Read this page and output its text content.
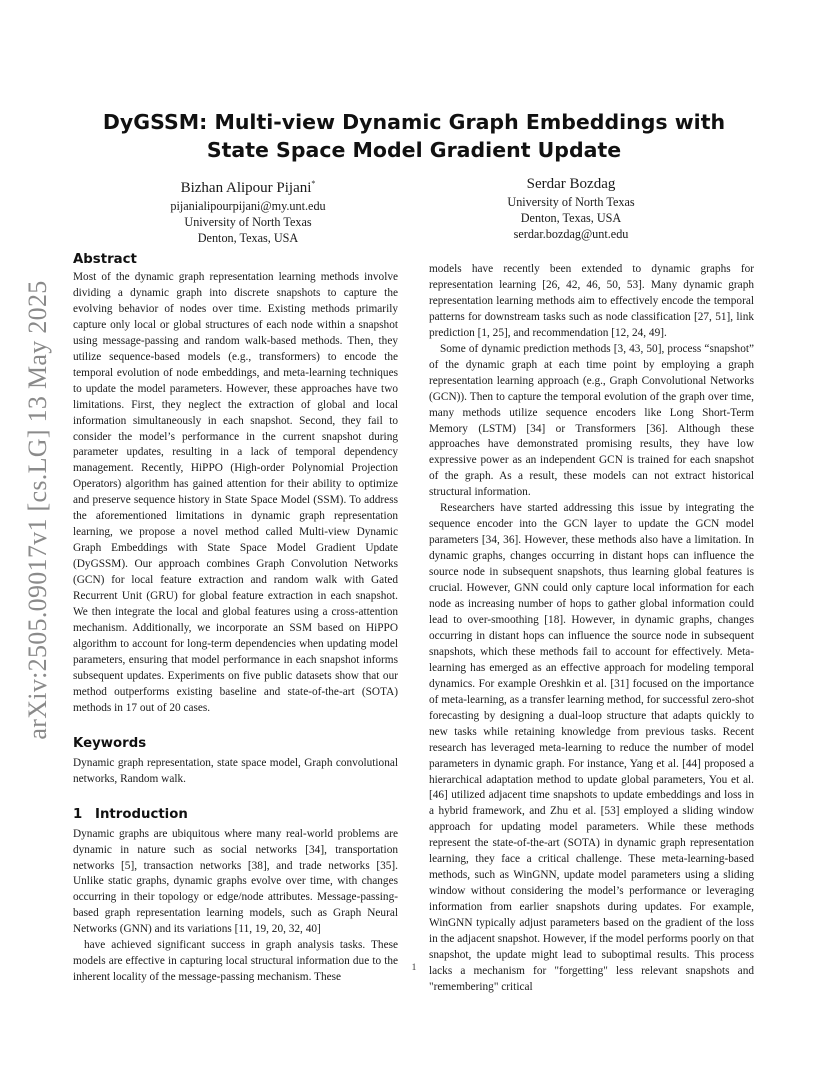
arXiv:2505.09017v1 [cs.LG] 13 May 2025
DyGSSM: Multi-view Dynamic Graph Embeddings with State Space Model Gradient Update
Bizhan Alipour Pijani*
pijanialipourpijani@my.unt.edu
University of North Texas
Denton, Texas, USA
Serdar Bozdag
University of North Texas
Denton, Texas, USA
serdar.bozdag@unt.edu
Abstract

Most of the dynamic graph representation learning methods involve dividing a dynamic graph into discrete snapshots to capture the evolving behavior of nodes over time. Existing methods primarily capture only local or global structures of each node within a snapshot using message-passing and random walk-based methods. Then, they utilize sequence-based models (e.g., transformers) to encode the temporal evolution of node embeddings, and meta-learning techniques to update the model parameters. However, these approaches have two limitations. First, they neglect the extraction of global and local information simultaneously in each snapshot. Second, they fail to consider the model’s performance in the current snapshot during parameter updates, resulting in a lack of temporal dependency management. Recently, HiPPO (High-order Polynomial Projection Operators) algorithm has gained attention for their ability to optimize and preserve sequence history in State Space Model (SSM). To address the aforementioned limitations in dynamic graph representation learning, we propose a novel method called Multi-view Dynamic Graph Embeddings with State Space Model Gradient Update (DyGSSM). Our approach combines Graph Convolution Networks (GCN) for local feature extraction and random walk with Gated Recurrent Unit (GRU) for global feature extraction in each snapshot. We then integrate the local and global features using a cross-attention mechanism. Additionally, we incorporate an SSM based on HiPPO algorithm to account for long-term dependencies when updating model parameters, ensuring that model performance in each snapshot informs subsequent updates. Experiments on five public datasets show that our method outperforms existing baseline and state-of-the-art (SOTA) methods in 17 out of 20 cases.

Keywords

Dynamic graph representation, state space model, Graph convolutional networks, Random walk.

1 Introduction

Dynamic graphs are ubiquitous where many real-world problems are dynamic in nature such as social networks [34], transportation networks [5], transaction networks [38], and trade networks [35]. Unlike static graphs, dynamic graphs evolve over time, with changes occurring in their topology or edge/node attributes. Message-passing-based graph representation learning models, such as Graph Neural Networks (GNN) and its variations [11, 19, 20, 32, 40]

have achieved significant success in graph analysis tasks. These models are effective in capturing local structural information due to the inherent locality of the message-passing mechanism. These

models have recently been extended to dynamic graphs for representation learning [26, 42, 46, 50, 53]. Many dynamic graph representation learning methods aim to effectively encode the temporal patterns for downstream tasks such as node classification [27, 51], link prediction [1, 25], and recommendation [12, 24, 49].

Some of dynamic prediction methods [3, 43, 50], process “snapshot” of the dynamic graph at each time point by employing a graph representation learning approach (e.g., Graph Convolutional Networks (GCN)). Then to capture the temporal evolution of the graph over time, many methods utilize sequence encoders like Long Short-Term Memory (LSTM) [34] or Transformers [36]. Although these approaches have demonstrated promising results, they have low expressive power as an independent GCN is trained for each snapshot of the graph. As a result, these models can not extract historical structural information.

Researchers have started addressing this issue by integrating the sequence encoder into the GCN layer to update the GCN model parameters [34, 36]. However, these methods also have a limitation. In dynamic graphs, changes occurring in distant hops can influence the source node in subsequent snapshots, thus learning global features is crucial. However, GNN could only capture local information for each node as increasing number of hops to gather global information could lead to over-smoothing [18]. However, in dynamic graphs, changes occurring in distant hops can influence the source node in subsequent snapshots, which these methods fail to account for effectively. Meta-learning has emerged as an effective approach for modeling temporal dynamics. For example Oreshkin et al. [31] focused on the importance of meta-learning, as a transfer learning method, for successful zero-shot forecasting by designing a dual-loop structure that adapts quickly to new tasks while retaining knowledge from previous tasks. Recent research has leveraged meta-learning to reduce the number of model parameters in dynamic graph. For instance, Yang et al. [44] proposed a hierarchical adaptation method to update global parameters, You et al. [46] utilized adjacent time snapshots to update embeddings and loss in a hybrid framework, and Zhu et al. [53] employed a sliding window approach for updating model parameters. While these methods represent the state-of-the-art (SOTA) in dynamic graph representation learning, they face a critical challenge. These meta-learning-based methods, such as WinGNN, update model parameters using a sliding window without considering the model’s performance or leveraging information from earlier snapshots during updates. For example, WinGNN typically adjust parameters based on the gradient of the loss in the adjacent snapshot. However, if the model performs poorly on that snapshot, the update might lead to suboptimal results. This process lacks a mechanism for "forgetting" less relevant snapshots and "remembering" critical

1
